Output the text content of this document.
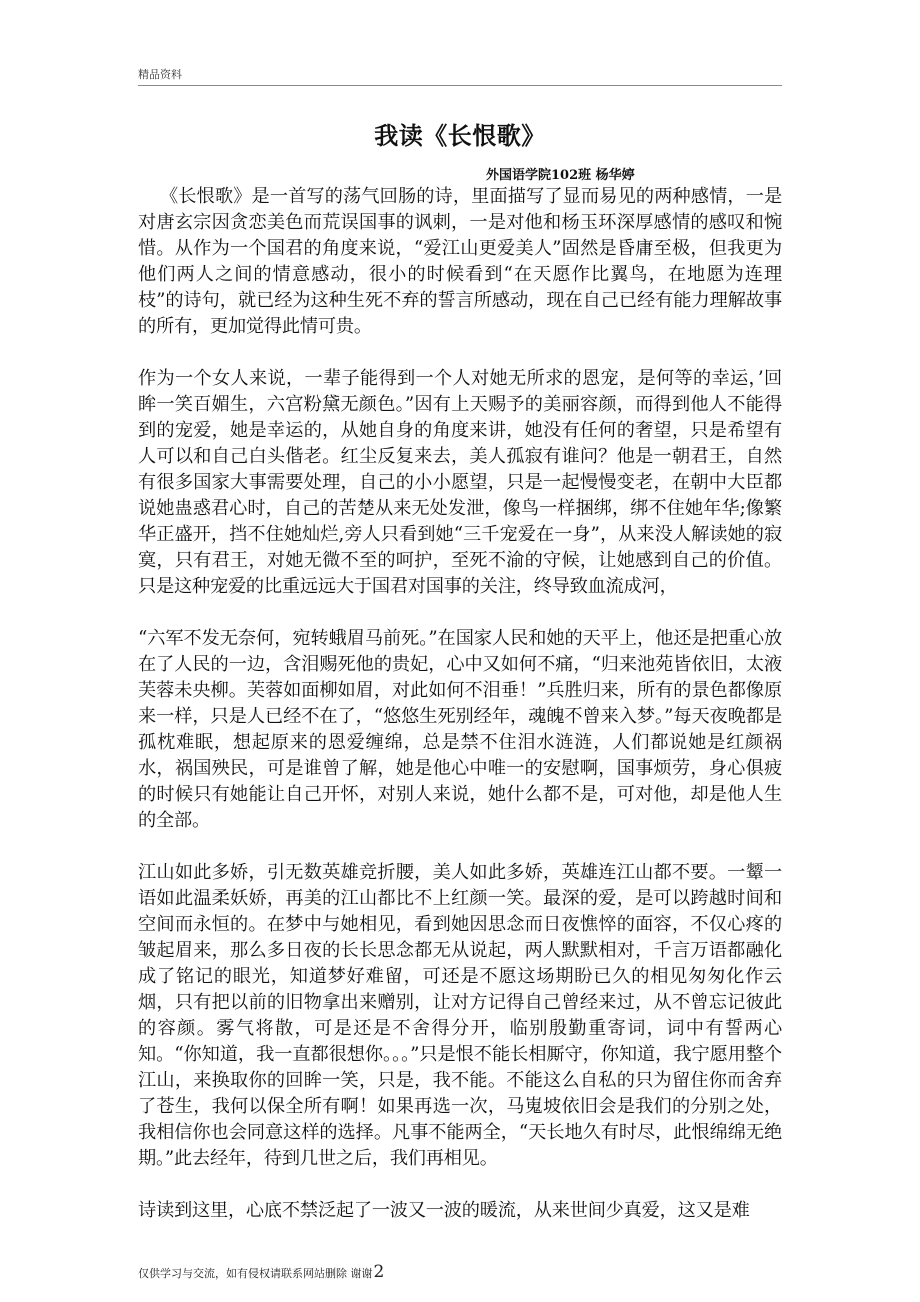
精品资料
我读《长恨歌》
外国语学院102班 杨华婷

《长恨歌》是一首写的荡气回肠的诗，里面描写了显而易见的两种感情，一是对唐玄宗因贪恋美色而荒误国事的讽刺，一是对他和杨玉环深厚感情的感叹和惋惜。从作为一个国君的角度来说，“爱江山更爱美人”固然是昏庸至极，但我更为他们两人之间的情意感动，很小的时候看到“在天愿作比翼鸟，在地愿为连理枝”的诗句，就已经为这种生死不弃的誓言所感动，现在自己已经有能力理解故事的所有，更加觉得此情可贵。

作为一个女人来说，一辈子能得到一个人对她无所求的恩宠，是何等的幸运，’回眸一笑百媚生，六宫粉黛无颜色。”因有上天赐予的美丽容颜，而得到他人不能得到的宠爱，她是幸运的，从她自身的角度来讲，她没有任何的奢望，只是希望有人可以和自己白头偕老。红尘反复来去，美人孤寂有谁问？他是一朝君王，自然有很多国家大事需要处理，自己的小小愿望，只是一起慢慢变老，在朝中大臣都说她蛊惑君心时，自己的苦楚从来无处发泄，像鸟一样捆绑，绑不住她年华;像繁华正盛开，挡不住她灿烂,旁人只看到她“三千宠爱在一身”，从来没人解读她的寂寞，只有君王，对她无微不至的呵护，至死不渝的守候，让她感到自己的价值。只是这种宠爱的比重远远大于国君对国事的关注，终导致血流成河，

“六军不发无奈何，宛转蛾眉马前死。”在国家人民和她的天平上，他还是把重心放在了人民的一边，含泪赐死他的贵妃，心中又如何不痛，“归来池苑皆依旧，太液芙蓉未央柳。芙蓉如面柳如眉，对此如何不泪垂！”兵胜归来，所有的景色都像原来一样，只是人已经不在了，“悠悠生死别经年，魂魄不曾来入梦。”每天夜晚都是孤枕难眠，想起原来的恩爱缠绵，总是禁不住泪水涟涟，人们都说她是红颜祸水，祸国殃民，可是谁曾了解，她是他心中唯一的安慰啊，国事烦劳，身心俱疲的时候只有她能让自己开怀，对别人来说，她什么都不是，可对他，却是他人生的全部。

江山如此多娇，引无数英雄竞折腰，美人如此多娇，英雄连江山都不要。一颦一语如此温柔妖娇，再美的江山都比不上红颜一笑。最深的爱，是可以跨越时间和空间而永恒的。在梦中与她相见，看到她因思念而日夜憔悴的面容，不仅心疼的皱起眉来，那么多日夜的长长思念都无从说起，两人默默相对，千言万语都融化成了铭记的眼光，知道梦好难留，可还是不愿这场期盼已久的相见匆匆化作云烟，只有把以前的旧物拿出来赠别，让对方记得自己曾经来过，从不曾忘记彼此的容颜。雾气将散，可是还是不舍得分开，临别殷勤重寄词，词中有誓两心知。“你知道，我一直都很想你。。。”只是恨不能长相厮守，你知道，我宁愿用整个江山，来换取你的回眸一笑，只是，我不能。不能这么自私的只为留住你而舍弃了苍生，我何以保全所有啊！如果再选一次，马嵬坡依旧会是我们的分别之处，我相信你也会同意这样的选择。凡事不能两全，“天长地久有时尽，此恨绵绵无绝期。”此去经年，待到几世之后，我们再相见。

诗读到这里，心底不禁泛起了一波又一波的暖流，从来世间少真爱，这又是难

仅供学习与交流，如有侵权请联系网站删除 谢谢2
